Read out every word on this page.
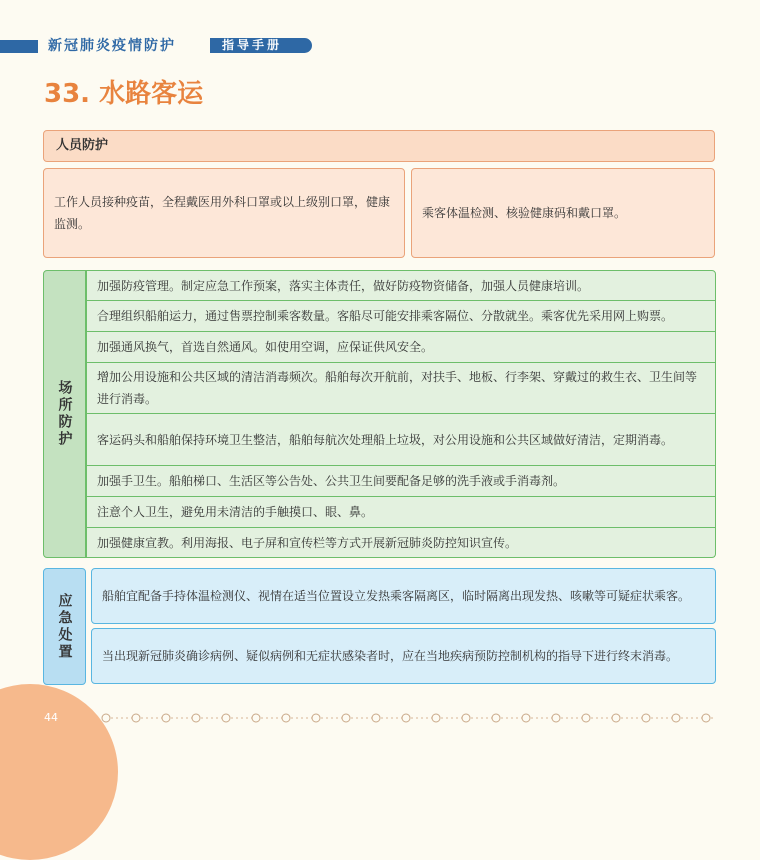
新冠肺炎疫情防护	指导手册
33. 水路客运
人员防护
工作人员接种疫苗，全程戴医用外科口罩或以上级别口罩，健康监测。
乘客体温检测、核验健康码和戴口罩。
场所防护
加强防疫管理。制定应急工作预案，落实主体责任，做好防疫物资储备，加强人员健康培训。
合理组织船舶运力，通过售票控制乘客数量。客船尽可能安排乘客隔位、分散就坐。乘客优先采用网上购票。
加强通风换气，首选自然通风。如使用空调，应保证供风安全。
增加公用设施和公共区域的清洁消毒频次。船舶每次开航前，对扶手、地板、行李架、穿戴过的救生衣、卫生间等进行消毒。
客运码头和船舶保持环境卫生整洁，船舶每航次处理船上垃圾，对公用设施和公共区域做好清洁，定期消毒。
加强手卫生。船舶梯口、生活区等公告处、公共卫生间要配备足够的洗手液或手消毒剂。
注意个人卫生，避免用未清洁的手触摸口、眼、鼻。
加强健康宣教。利用海报、电子屏和宣传栏等方式开展新冠肺炎防控知识宣传。
应急处置 船舶宜配备手持体温检测仪、视情在适当位置设立发热乘客隔离区，临时隔离出现发热、咳嗽等可疑症状乘客。
当出现新冠肺炎确诊病例、疑似病例和无症状感染者时，应在当地疾病预防控制机构的指导下进行终末消毒。
44
